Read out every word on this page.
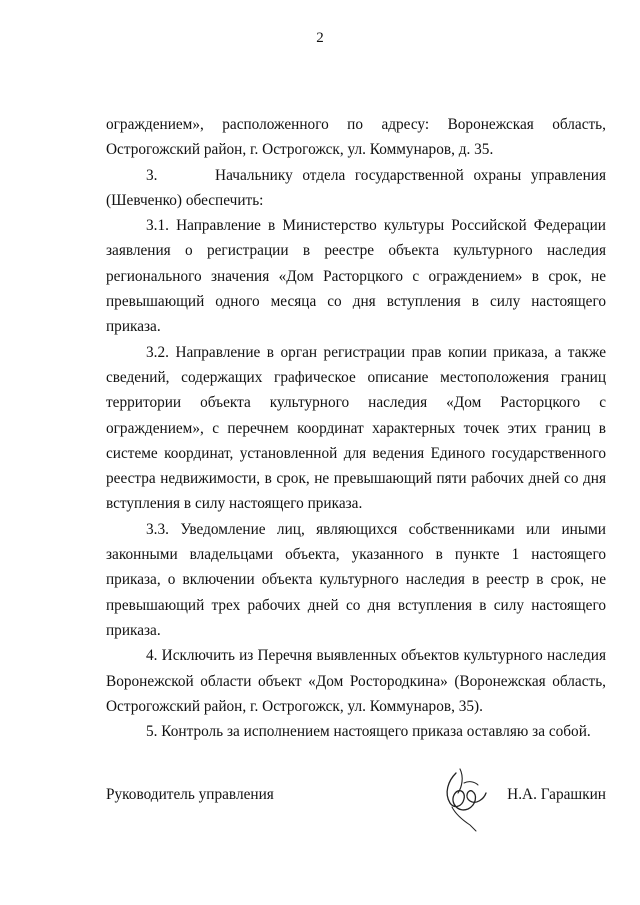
2

ограждением», расположенного по адресу: Воронежская область, Острогожский район, г. Острогожск, ул. Коммунаров, д. 35.

3.      Начальнику отдела государственной охраны управления (Шевченко) обеспечить:

3.1. Направление в Министерство культуры Российской Федерации заявления о регистрации в реестре объекта культурного наследия регионального значения «Дом Расторцкого с ограждением» в срок, не превышающий одного месяца со дня вступления в силу настоящего приказа.

3.2. Направление в орган регистрации прав копии приказа, а также сведений, содержащих графическое описание местоположения границ территории объекта культурного наследия «Дом Расторцкого с ограждением», с перечнем координат характерных точек этих границ в системе координат, установленной для ведения Единого государственного реестра недвижимости, в срок, не превышающий пяти рабочих дней со дня вступления в силу настоящего приказа.

3.3. Уведомление лиц, являющихся собственниками или иными законными владельцами объекта, указанного в пункте 1 настоящего приказа, о включении объекта культурного наследия в реестр в срок, не превышающий трех рабочих дней со дня вступления в силу настоящего приказа.

4. Исключить из Перечня выявленных объектов культурного наследия Воронежской области объект «Дом Ростородкина» (Воронежская область, Острогожский район, г. Острогожск, ул. Коммунаров, 35).

5. Контроль за исполнением настоящего приказа оставляю за собой.

Руководитель управления	Н.А. Гарашкин
